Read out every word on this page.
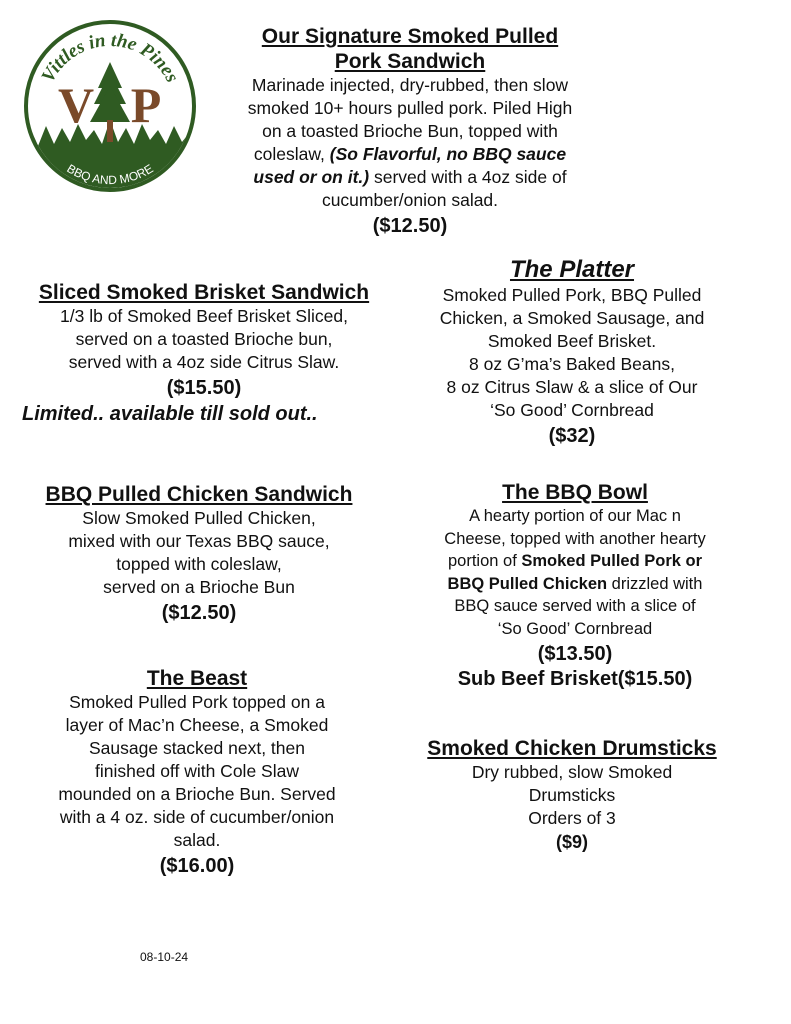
Vittles in the Pines
V P
BBQ AND MORE
Our Signature Smoked Pulled
Pork Sandwich
Marinade injected, dry-rubbed, then slow
smoked 10+ hours pulled pork. Piled High
on a toasted Brioche Bun, topped with
coleslaw, (So Flavorful, no BBQ sauce
used or on it.) served with a 4oz side of
cucumber/onion salad.
($12.50)
Sliced Smoked Brisket Sandwich
1/3 lb of Smoked Beef Brisket Sliced,
served on a toasted Brioche bun,
served with a 4oz side Citrus Slaw.
($15.50)
Limited.. available till sold out..
The Platter
Smoked Pulled Pork, BBQ Pulled
Chicken, a Smoked Sausage, and
Smoked Beef Brisket.
8 oz G’ma’s Baked Beans,
8 oz Citrus Slaw & a slice of Our
‘So Good’ Cornbread
($32)
BBQ Pulled Chicken Sandwich
Slow Smoked Pulled Chicken,
mixed with our Texas BBQ sauce,
topped with coleslaw,
served on a Brioche Bun
($12.50)
The BBQ Bowl
A hearty portion of our Mac n
Cheese, topped with another hearty
portion of Smoked Pulled Pork or
BBQ Pulled Chicken drizzled with
BBQ sauce served with a slice of
‘So Good’ Cornbread
($13.50)
Sub Beef Brisket($15.50)
The Beast
Smoked Pulled Pork topped on a
layer of Mac’n Cheese, a Smoked
Sausage stacked next, then
finished off with Cole Slaw
mounded on a Brioche Bun. Served
with a 4 oz. side of cucumber/onion
salad.
($16.00)
Smoked Chicken Drumsticks
Dry rubbed, slow Smoked
Drumsticks
Orders of 3
($9)
08-10-24
